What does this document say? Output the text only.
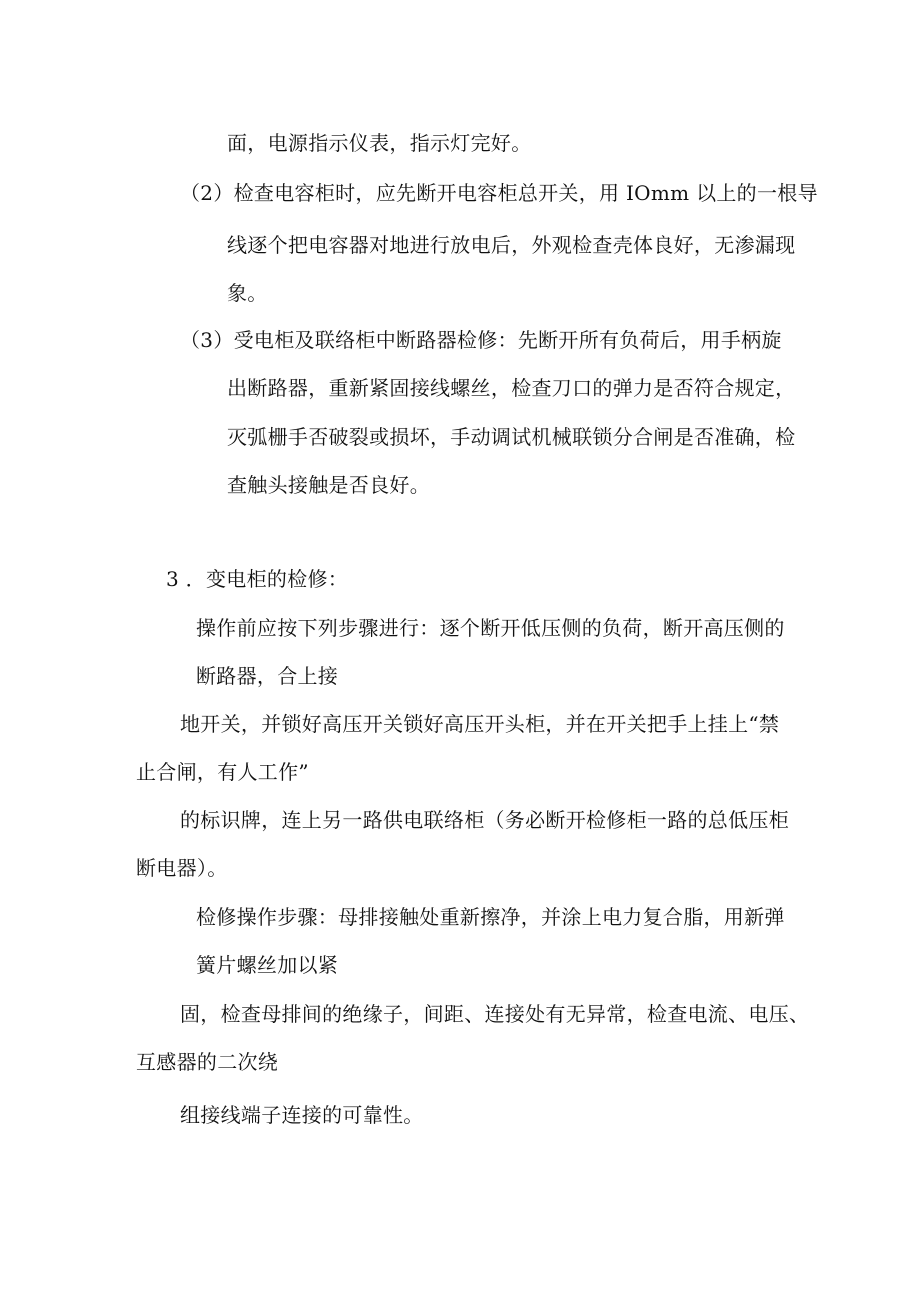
面，电源指示仪表，指示灯完好。
（2）检查电容柜时，应先断开电容柜总开关，用 IOmm 以上的一根导
线逐个把电容器对地进行放电后，外观检查壳体良好，无渗漏现
象。
（3）受电柜及联络柜中断路器检修：先断开所有负荷后，用手柄旋
出断路器，重新紧固接线螺丝，检查刀口的弹力是否符合规定，
灭弧栅手否破裂或损坏，手动调试机械联锁分合闸是否准确，检
查触头接触是否良好。
3 ．变电柜的检修：
操作前应按下列步骤进行：逐个断开低压侧的负荷，断开高压侧的
断路器，合上接
地开关，并锁好高压开关锁好高压开头柜，并在开关把手上挂上“禁
止合闸，有人工作”
的标识牌，连上另一路供电联络柜（务必断开检修柜一路的总低压柜
断电器）。
检修操作步骤：母排接触处重新擦净，并涂上电力复合脂，用新弹
簧片螺丝加以紧
固，检查母排间的绝缘子，间距、连接处有无异常，检查电流、电压、
互感器的二次绕
组接线端子连接的可靠性。
